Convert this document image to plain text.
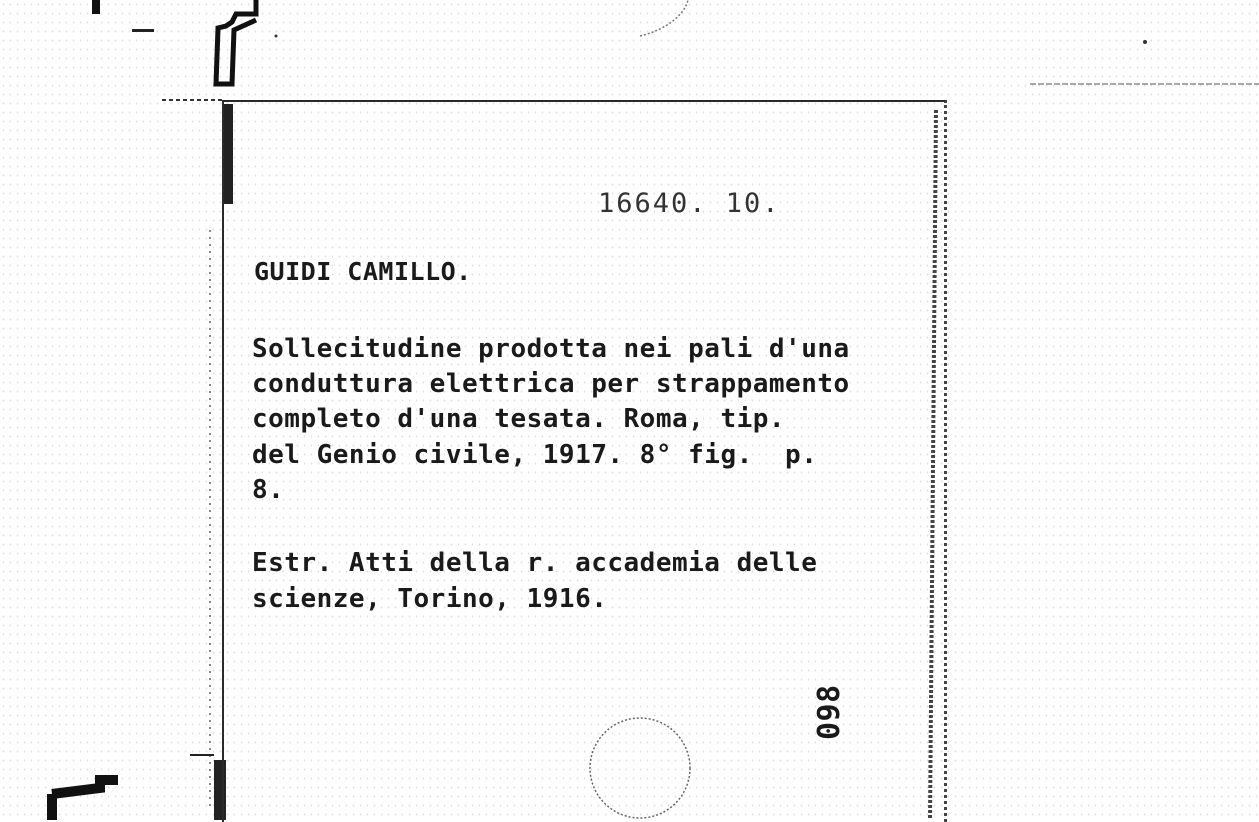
16640. 10.
GUIDI CAMILLO.
Sollecitudine prodotta nei pali d'una
conduttura elettrica per strappamento
completo d'una tesata. Roma, tip.
del Genio civile, 1917. 8° fig.  p.
8.
Estr. Atti della r. accademia delle
scienze, Torino, 1916.
098
